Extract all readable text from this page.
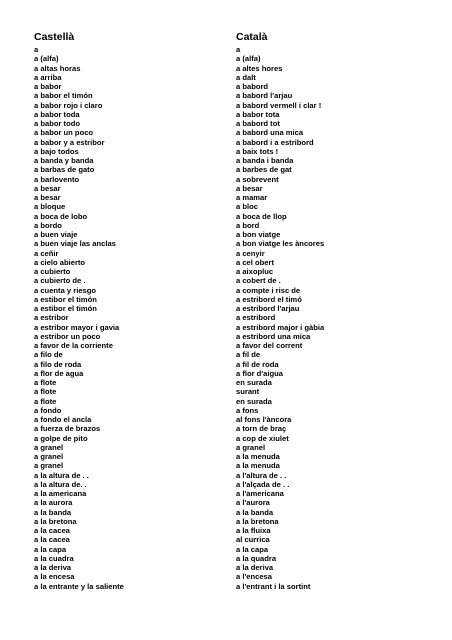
Castellà
a
a (alfa)
a altas horas
a arriba
a babor
a babor el timón
a babor rojo i claro
a babor toda
a babor todo
a babor un poco
a babor y a estribor
a bajo todos
a banda y banda
a barbas de gato
a barlovento
a besar
a besar
a bloque
a boca de lobo
a bordo
a buen viaje
a buen viaje las anclas
a ceñir
a cielo abierto
a cubierto
a cubierto de .
a cuenta y riesgo
a estibor el timón
a estibor el timón
a estribor
a estribor mayor i gavia
a estribor un poco
a favor de la corriente
a filo de
a filo de roda
a flor de agua
a flote
a flote
a flote
a fondo
a fondo el ancla
a fuerza de brazos
a golpe de pito
a granel
a granel
a granel
a la altura de . .
a la altura de. .
a la americana
a la aurora
a la banda
a la bretona
a la cacea
a la cacea
a la capa
a la cuadra
a la deriva
a la encesa
a la entrante y la saliente
Català
a
a (alfa)
a altes hores
a dalt
a babord
a babord l'arjau
a babord vermell i clar !
a babor tota
a babord tot
a babord una mica
a babord i a estribord
a baix tots !
a banda i banda
a barbes de gat
a sobrevent
a besar
a mamar
a bloc
a boca de llop
a bord
a bon viatge
a bon viatge les àncores
a cenyir
a cel obert
a aixopluc
a cobert de .
a compte i risc de
a estribord el timó
a estribord l'arjau
a estribord
a estribord major i gàbia
a estribord una mica
a favor del corrent
a fil de
a fil de roda
a flor d'aigua
en surada
surant
en surada
a fons
al fons l'àncora
a torn de braç
a cop de xiulet
a granel
a la menuda
a la menuda
a l'altura de . .
a l'alçada de . .
a l'americana
a l'aurora
a la banda
a la bretona
a la fluixa
al currica
a la capa
a la quadra
a la deriva
a l'encesa
a l'entrant i la sortint
